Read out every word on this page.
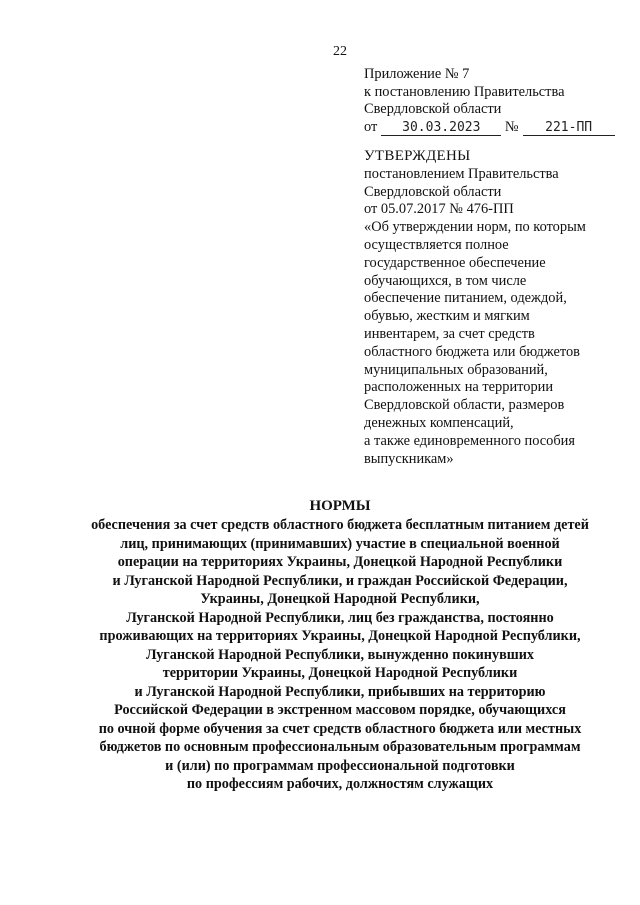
22
Приложение № 7
к постановлению Правительства
Свердловской области
от 30.03.2023 № 221-ПП
УТВЕРЖДЕНЫ
постановлением Правительства
Свердловской области
от 05.07.2017 № 476-ПП
«Об утверждении норм, по которым
осуществляется полное
государственное обеспечение
обучающихся, в том числе
обеспечение питанием, одеждой,
обувью, жестким и мягким
инвентарем, за счет средств
областного бюджета или бюджетов
муниципальных образований,
расположенных на территории
Свердловской области, размеров
денежных компенсаций,
а также единовременного пособия
выпускникам»
НОРМЫ
обеспечения за счет средств областного бюджета бесплатным питанием детей
лиц, принимающих (принимавших) участие в специальной военной
операции на территориях Украины, Донецкой Народной Республики
и Луганской Народной Республики, и граждан Российской Федерации,
Украины, Донецкой Народной Республики,
Луганской Народной Республики, лиц без гражданства, постоянно
проживающих на территориях Украины, Донецкой Народной Республики,
Луганской Народной Республики, вынужденно покинувших
территории Украины, Донецкой Народной Республики
и Луганской Народной Республики, прибывших на территорию
Российской Федерации в экстренном массовом порядке, обучающихся
по очной форме обучения за счет средств областного бюджета или местных
бюджетов по основным профессиональным образовательным программам
и (или) по программам профессиональной подготовки
по профессиям рабочих, должностям служащих
